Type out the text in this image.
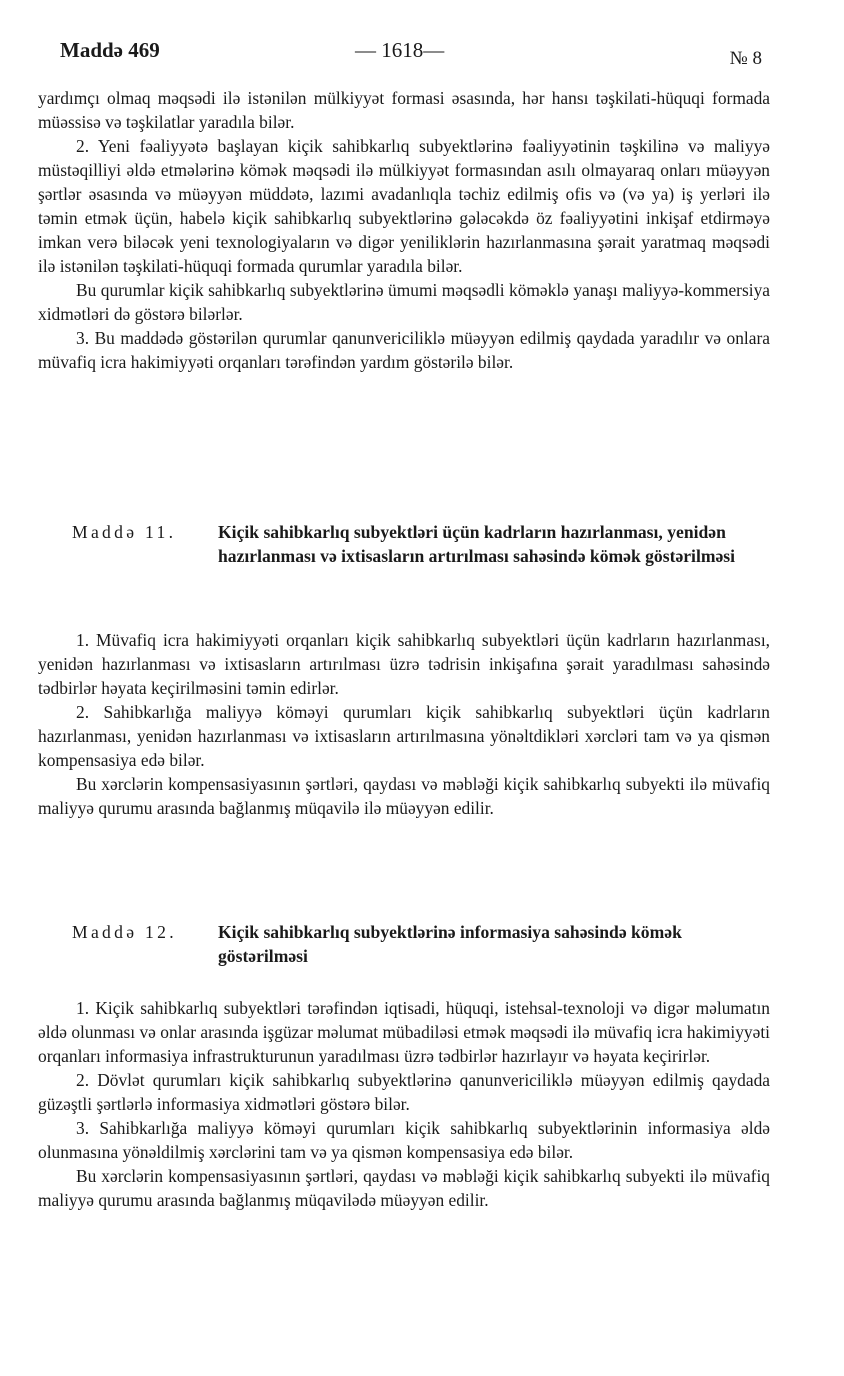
Maddə 469	— 1618—	№ 8

yardımçı olmaq məqsədi ilə istənilən mülkiyyət formasi əsasında, hər hansı təşkilati-hüquqi formada müəssisə və təşkilatlar yaradıla bilər.

2. Yeni fəaliyyətə başlayan kiçik sahibkarlıq subyektlərinə fəaliyyətinin təşkilinə və maliyyə müstəqilliyi əldə etmələrinə kömək məqsədi ilə mülkiyyət formasından asılı olmayaraq onları müəyyən şərtlər əsasında və müəyyən müddətə, lazımi avadanlıqla təchiz edilmiş ofis və (və ya) iş yerləri ilə təmin etmək üçün, habelə kiçik sahibkarlıq subyektlərinə gələcəkdə öz fəaliyyətini inkişaf etdirməyə imkan verə biləcək yeni texnologiyaların və digər yeniliklərin hazırlanmasına şərait yaratmaq məqsədi ilə istənilən təşkilati-hüquqi formada qurumlar yaradıla bilər.

Bu qurumlar kiçik sahibkarlıq subyektlərinə ümumi məqsədli köməklə yanaşı maliyyə-kommersiya xidmətləri də göstərə bilərlər.

3. Bu maddədə göstərilən qurumlar qanunvericiliklə müəyyən edilmiş qaydada yaradılır və onlara müvafiq icra hakimiyyəti orqanları tərəfindən yardım göstərilə bilər.

Maddə 11. Kiçik sahibkarlıq subyektləri üçün kadrların hazırlanması, yenidən hazırlanması və ixtisasların artırılması sahəsində kömək göstərilməsi

1. Müvafiq icra hakimiyyəti orqanları kiçik sahibkarlıq subyektləri üçün kadrların hazırlanması, yenidən hazırlanması və ixtisasların artırılması üzrə tədrisin inkişafına şərait yaradılması sahəsində tədbirlər həyata keçirilməsini təmin edirlər.

2. Sahibkarlığa maliyyə köməyi qurumları kiçik sahibkarlıq subyektləri üçün kadrların hazırlanması, yenidən hazırlanması və ixtisasların artırılmasına yönəltdikləri xərcləri tam və ya qismən kompensasiya edə bilər.

Bu xərclərin kompensasiyasının şərtləri, qaydası və məbləği kiçik sahibkarlıq subyekti ilə müvafiq maliyyə qurumu arasında bağlanmış müqavilə ilə müəyyən edilir.

Maddə 12. Kiçik sahibkarlıq subyektlərinə informasiya sahəsində kömək göstərilməsi

1. Kiçik sahibkarlıq subyektləri tərəfindən iqtisadi, hüquqi, istehsal-texnoloji və digər məlumatın əldə olunması və onlar arasında işgüzar məlumat mübadiləsi etmək məqsədi ilə müvafiq icra hakimiyyəti orqanları informasiya infrastrukturunun yaradılması üzrə tədbirlər hazırlayır və həyata keçirirlər.

2. Dövlət qurumları kiçik sahibkarlıq subyektlərinə qanunvericiliklə müəyyən edilmiş qaydada güzəştli şərtlərlə informasiya xidmətləri göstərə bilər.

3. Sahibkarlığa maliyyə köməyi qurumları kiçik sahibkarlıq subyektlərinin informasiya əldə olunmasına yönəldilmiş xərclərini tam və ya qismən kompensasiya edə bilər.

Bu xərclərin kompensasiyasının şərtləri, qaydası və məbləği kiçik sahibkarlıq subyekti ilə müvafiq maliyyə qurumu arasında bağlanmış müqavilədə müəyyən edilir.
